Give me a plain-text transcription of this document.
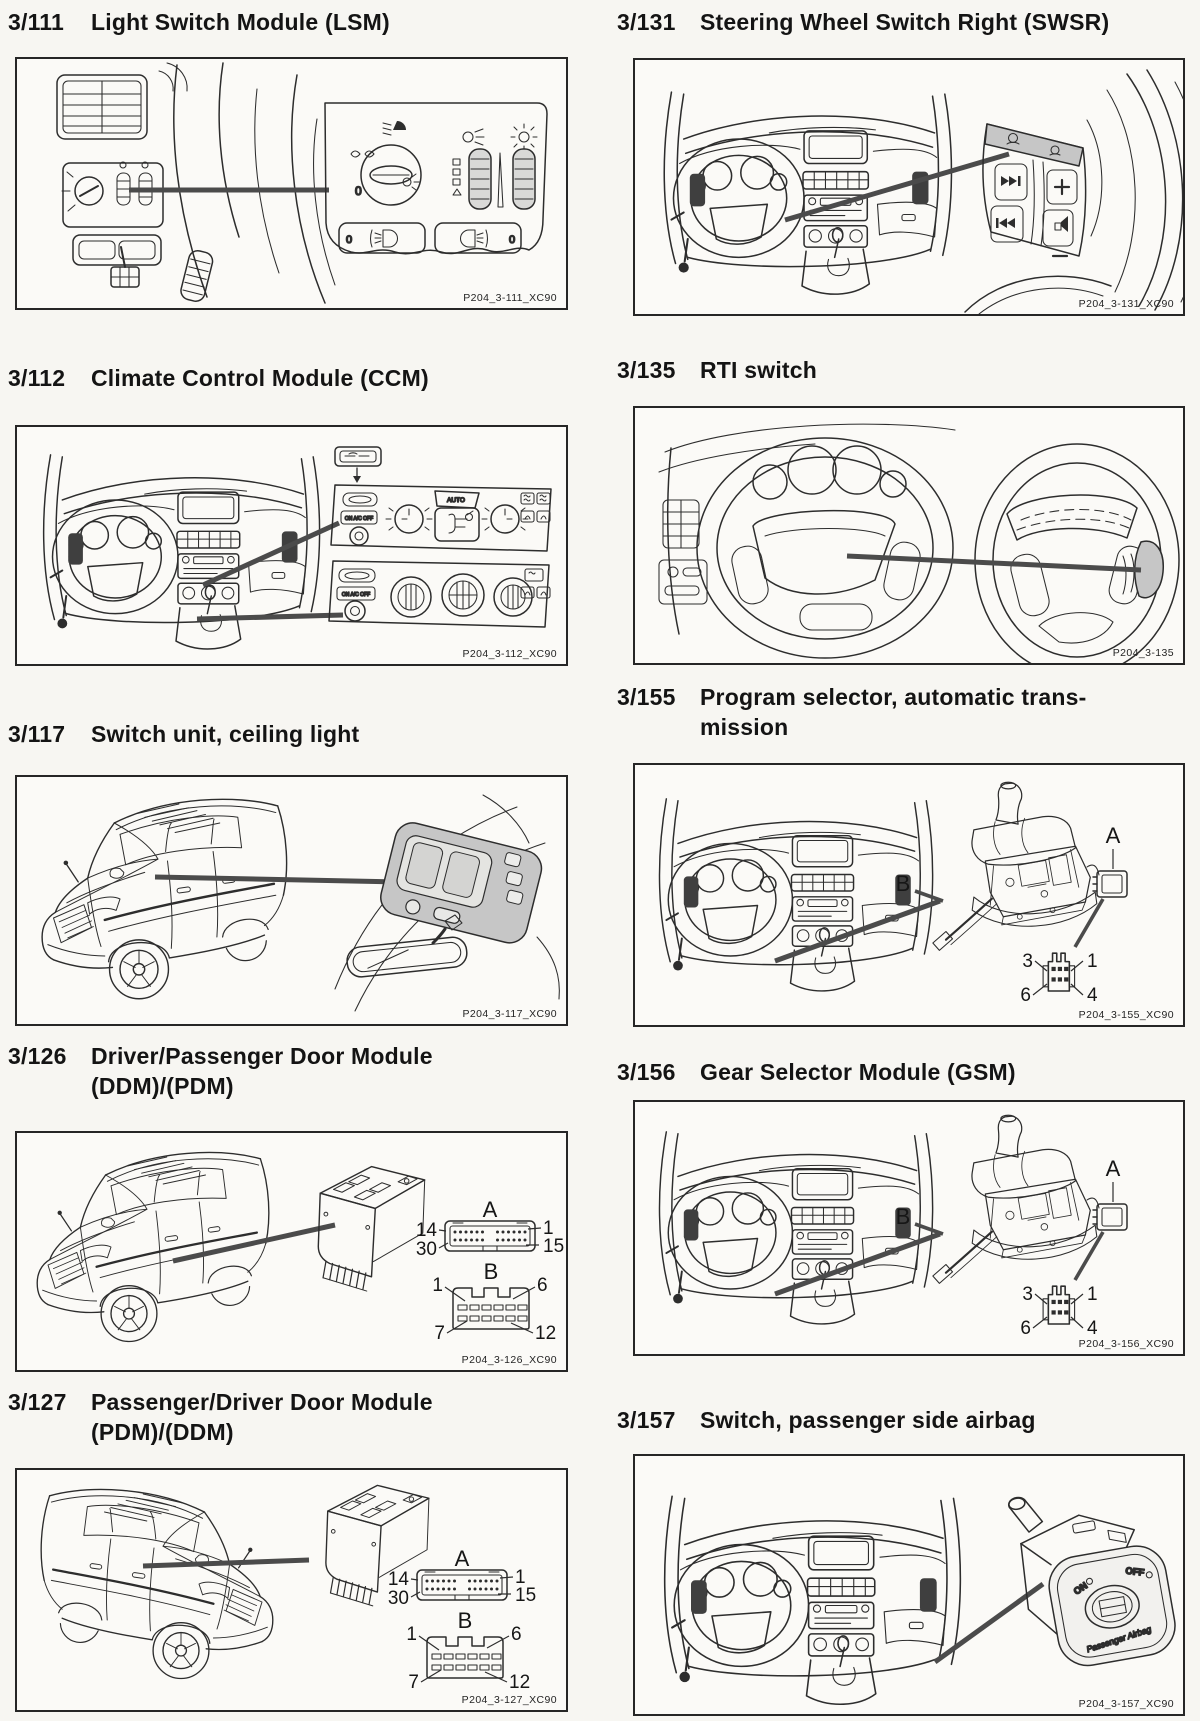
3/111	Light Switch Module (LSM)
0
0	0
P204_3-111_XC90
3/112	Climate Control Module (CCM)
ON A/C OFF
AUTO
ON A/C OFF
P204_3-112_XC90
3/117	Switch unit, ceiling light
P204_3-117_XC90
3/126	Driver/Passenger Door Module
(DDM)/(PDM)
A
14
30
1
15
B
1	6
7	12
P204_3-126_XC90
3/127	Passenger/Driver Door Module
(PDM)/(DDM)
A
14
30
1
15
B
1	6
7	12
P204_3-127_XC90
3/131	Steering Wheel Switch Right (SWSR)
P204_3-131_XC90
3/135	RTI switch
P204_3-135
3/155	Program selector, automatic trans-
mission
A
B
3	1
6	4
P204_3-155_XC90
3/156	Gear Selector Module (GSM)
A
B
3	1
6	4
P204_3-156_XC90
3/157	Switch, passenger side airbag
ON
OFF
Passenger Airbag
P204_3-157_XC90
